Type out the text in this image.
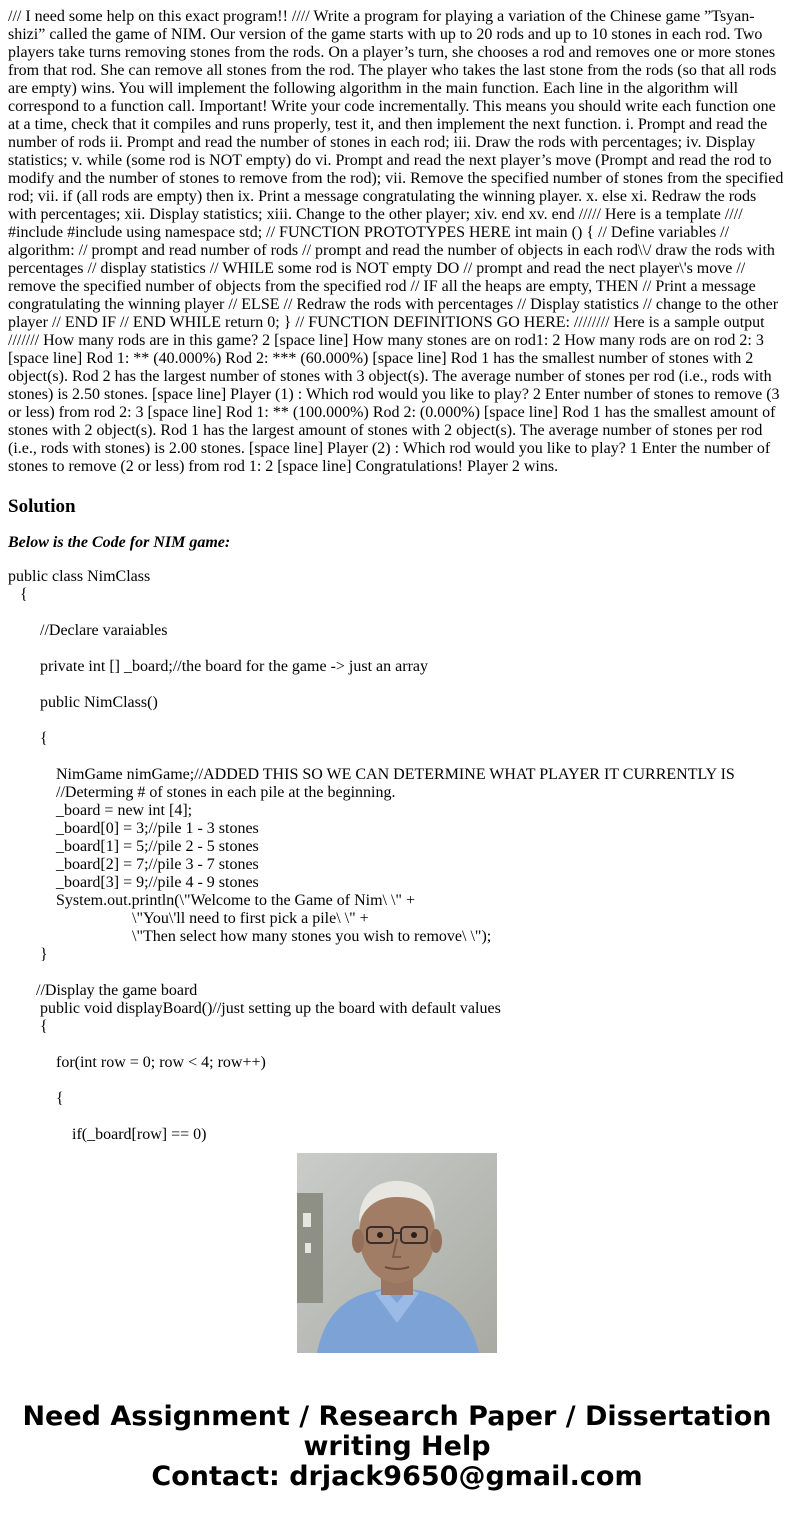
/// I need some help on this exact program!! //// Write a program for playing a variation of the Chinese game ”Tsyan-shizi” called the game of NIM. Our version of the game starts with up to 20 rods and up to 10 stones in each rod. Two players take turns removing stones from the rods. On a player’s turn, she chooses a rod and removes one or more stones from that rod. She can remove all stones from the rod. The player who takes the last stone from the rods (so that all rods are empty) wins. You will implement the following algorithm in the main function. Each line in the algorithm will correspond to a function call. Important! Write your code incrementally. This means you should write each function one at a time, check that it compiles and runs properly, test it, and then implement the next function. i. Prompt and read the number of rods ii. Prompt and read the number of stones in each rod; iii. Draw the rods with percentages; iv. Display statistics; v. while (some rod is NOT empty) do vi. Prompt and read the next player’s move (Prompt and read the rod to modify and the number of stones to remove from the rod); vii. Remove the specified number of stones from the specified rod; vii. if (all rods are empty) then ix. Print a message congratulating the winning player. x. else xi. Redraw the rods with percentages; xii. Display statistics; xiii. Change to the other player; xiv. end xv. end ///// Here is a template //// #include #include using namespace std; // FUNCTION PROTOTYPES HERE int main () { // Define variables // algorithm: // prompt and read number of rods // prompt and read the number of objects in each rod\\/ draw the rods with percentages // display statistics // WHILE some rod is NOT empty DO // prompt and read the nect player\'s move // remove the specified number of objects from the specified rod // IF all the heaps are empty, THEN // Print a message congratulating the winning player // ELSE // Redraw the rods with percentages // Display statistics // change to the other player // END IF // END WHILE return 0; } // FUNCTION DEFINITIONS GO HERE: //////// Here is a sample output /////// How many rods are in this game? 2 [space line] How many stones are on rod1: 2 How many rods are on rod 2: 3 [space line] Rod 1: ** (40.000%) Rod 2: *** (60.000%) [space line] Rod 1 has the smallest number of stones with 2 object(s). Rod 2 has the largest number of stones with 3 object(s). The average number of stones per rod (i.e., rods with stones) is 2.50 stones. [space line] Player (1) : Which rod would you like to play? 2 Enter number of stones to remove (3 or less) from rod 2: 3 [space line] Rod 1: ** (100.000%) Rod 2: (0.000%) [space line] Rod 1 has the smallest amount of stones with 2 object(s). Rod 1 has the largest amount of stones with 2 object(s). The average number of stones per rod (i.e., rods with stones) is 2.00 stones. [space line] Player (2) : Which rod would you like to play? 1 Enter the number of stones to remove (2 or less) from rod 1: 2 [space line] Congratulations! Player 2 wins.
Solution
Below is the Code for NIM game:
public class NimClass
{
//Declare varaiables
private int [] _board;//the board for the game -> just an array
public NimClass()
{
NimGame nimGame;//ADDED THIS SO WE CAN DETERMINE WHAT PLAYER IT CURRENTLY IS
//Determing # of stones in each pile at the beginning.
_board = new int [4];
_board[0] = 3;//pile 1 - 3 stones
_board[1] = 5;//pile 2 - 5 stones
_board[2] = 7;//pile 3 - 7 stones
_board[3] = 9;//pile 4 - 9 stones
System.out.println(\"Welcome to the Game of Nim\ \" +
\"You\'ll need to first pick a pile\ \" +
\"Then select how many stones you wish to remove\ \");
}
//Display the game board
public void displayBoard()//just setting up the board with default values
{
for(int row = 0; row < 4; row++)
{
if(_board[row] == 0)
Need Assignment / Research Paper / Dissertation
writing Help
Contact: drjack9650@gmail.com
